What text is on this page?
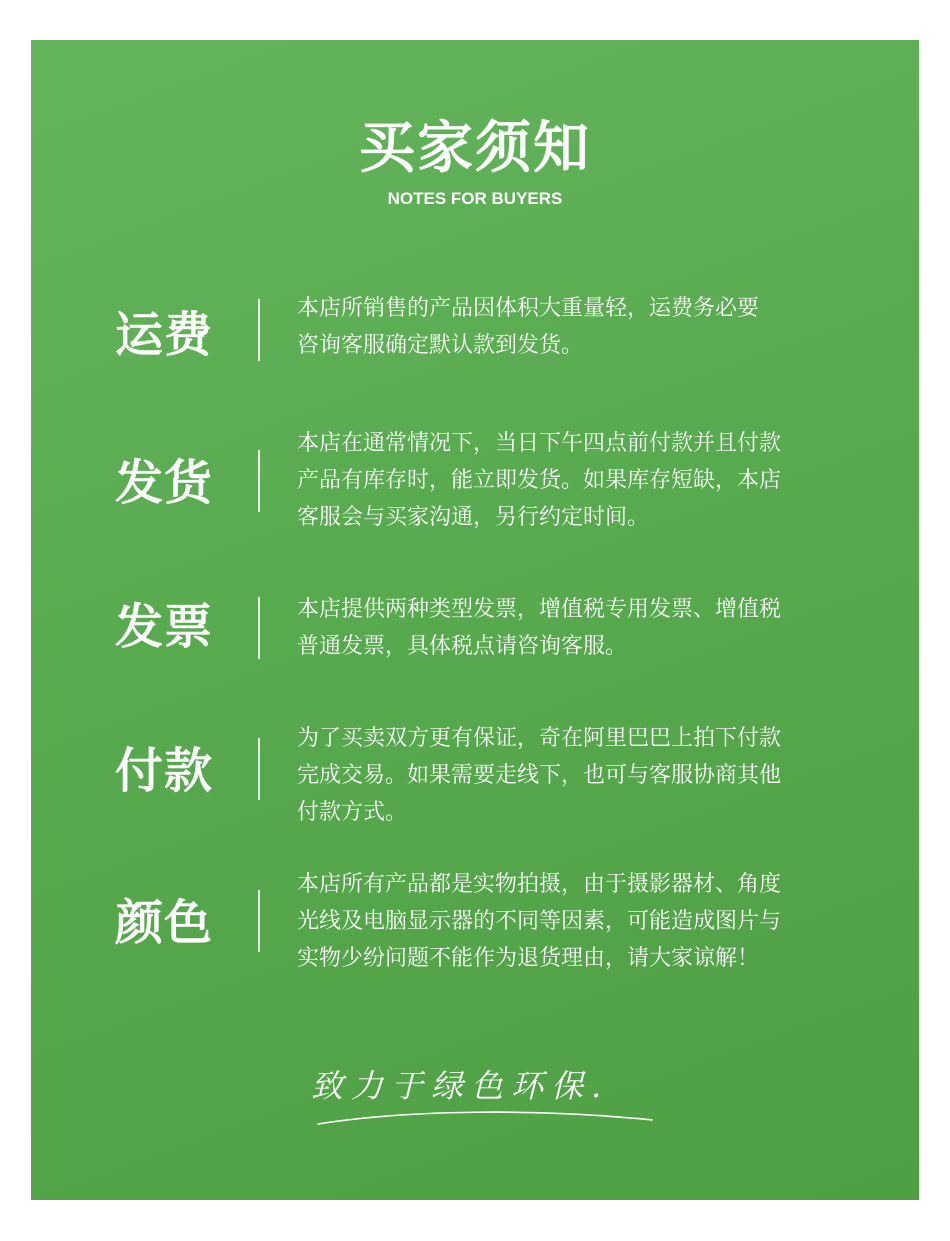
买家须知
NOTES FOR BUYERS
运费	本店所销售的产品因体积大重量轻，运费务必要
咨询客服确定默认款到发货。

发货

本店在通常情况下，当日下午四点前付款并且付款
产品有库存时，能立即发货。如果库存短缺，本店
客服会与买家沟通，另行约定时间。

发票	本店提供两种类型发票，增值税专用发票、增值税
普通发票，具体税点请咨询客服。

付款

为了买卖双方更有保证，奇在阿里巴巴上拍下付款
完成交易。如果需要走线下，也可与客服协商其他
付款方式。

颜色

本店所有产品都是实物拍摄，由于摄影器材、角度
光线及电脑显示器的不同等因素，可能造成图片与
实物少纷问题不能作为退货理由，请大家谅解！

致力于绿色环保.
